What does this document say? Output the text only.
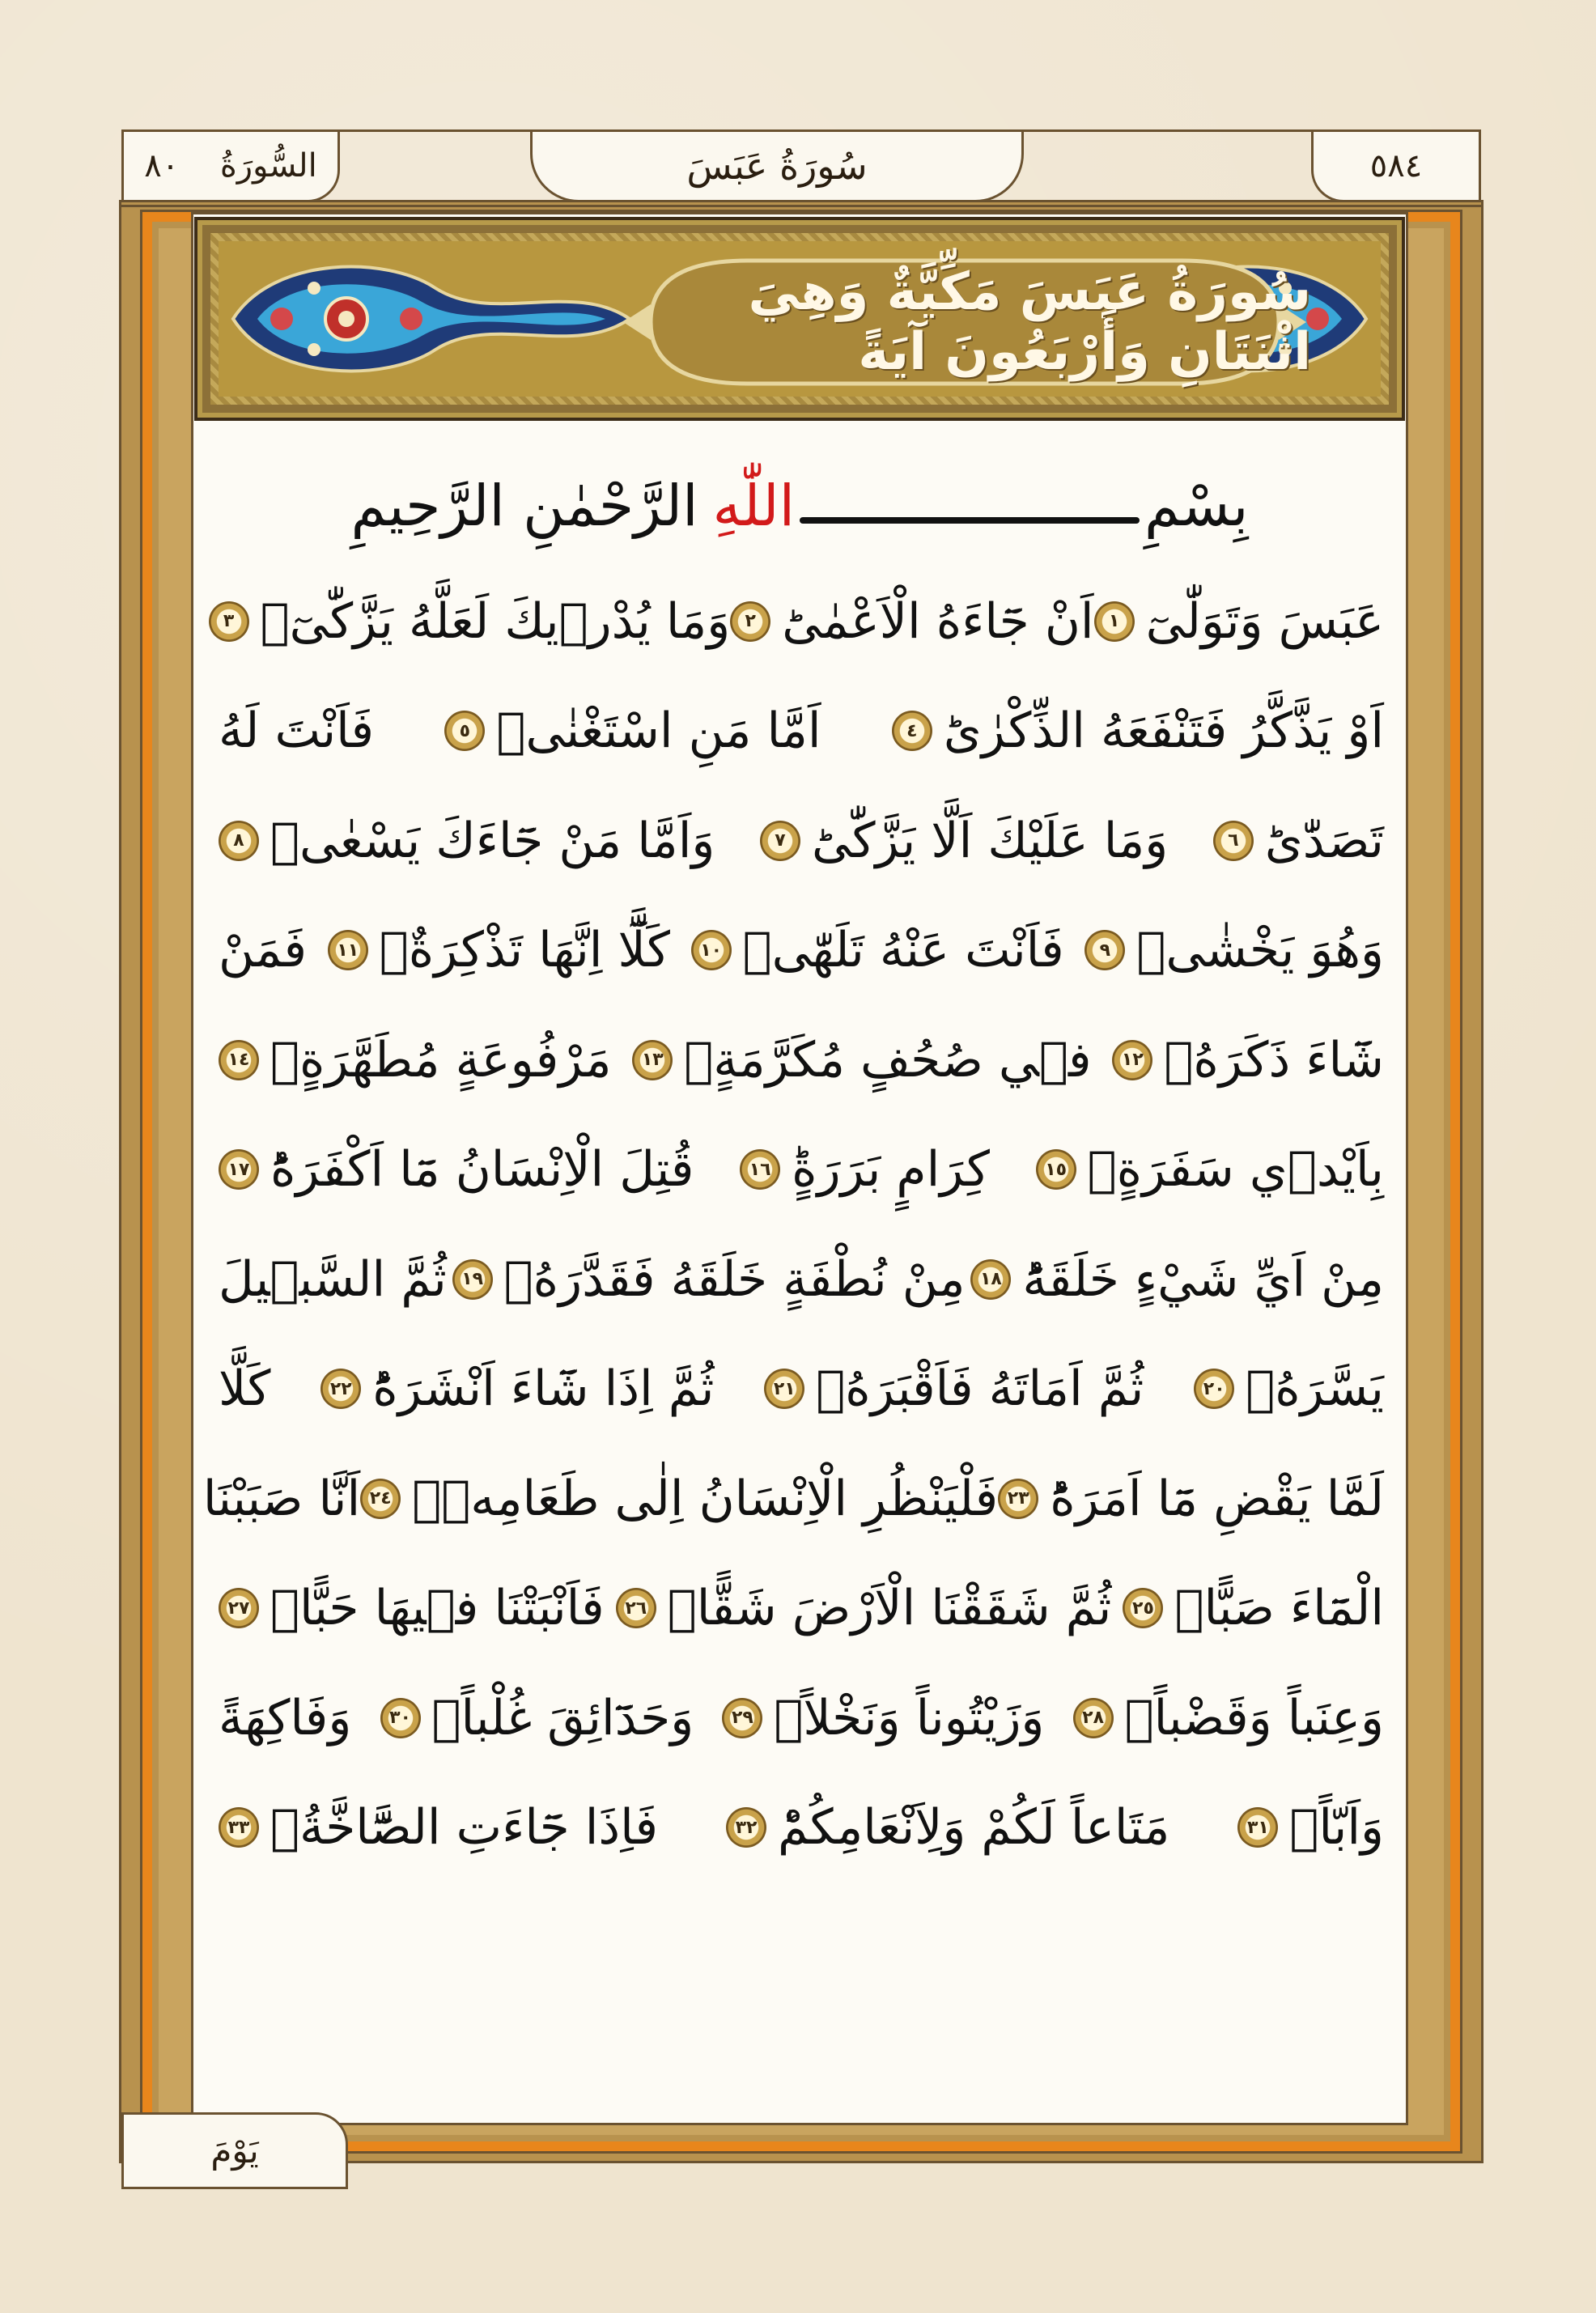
السُّورَةُ
٨٠	سُورَةُ عَبَسَ	٥٨٤
سُورَةُ عَبَسَ مَكِّيَّةٌ وَهِيَ اثْنَتَانِ وَأَرْبَعُونَ آيَةً
بِسْمِ
اللّٰهِ
الرَّحْمٰنِ الرَّحِيمِ
عَبَسَ وَتَوَلّٰىٓ
١
اَنْ جَٓاءَهُ الْاَعْمٰىؕ
٢
وَمَا يُدْر۪يكَ لَعَلَّهُ يَزَّكّٰىٓۙ
٣
اَوْ يَذَّكَّرُ فَتَنْفَعَهُ الذِّكْرٰىؕ
٤
اَمَّا مَنِ اسْتَغْنٰىۙ
٥
فَاَنْتَ لَهُ
تَصَدّٰىؕ
٦
وَمَا عَلَيْكَ اَلَّا يَزَّكّٰىؕ
٧
وَاَمَّا مَنْ جَٓاءَكَ يَسْعٰىۙ
٨
وَهُوَ يَخْشٰىۙ
٩
فَاَنْتَ عَنْهُ تَلَهّٰىۚ
١٠
كَلَّٓا اِنَّهَا تَذْكِرَةٌۚ
١١
فَمَنْ
شَٓاءَ ذَكَرَهُۢ
١٢
ف۪ي صُحُفٍ مُكَرَّمَةٍۙ
١٣
مَرْفُوعَةٍ مُطَهَّرَةٍۙ
١٤
بِاَيْد۪ي سَفَرَةٍۙ
١٥
كِرَامٍ بَرَرَةٍؕ
١٦
قُتِلَ الْاِنْسَانُ مَٓا اَكْفَرَهُؕ
١٧
مِنْ اَيِّ شَيْءٍ خَلَقَهُؕ
١٨
مِنْ نُطْفَةٍ خَلَقَهُ فَقَدَّرَهُۙ
١٩
ثُمَّ السَّب۪يلَ
يَسَّرَهُۙ
٢٠
ثُمَّ اَمَاتَهُ فَاَقْبَرَهُۙ
٢١
ثُمَّ اِذَا شَٓاءَ اَنْشَرَهُؕ
٢٢
كَلَّا
لَمَّا يَقْضِ مَٓا اَمَرَهُؕ
٢٣
فَلْيَنْظُرِ الْاِنْسَانُ اِلٰى طَعَامِه۪ۙ
٢٤
اَنَّا صَبَبْنَا
الْمَٓاءَ صَبًّاۙ
٢٥
ثُمَّ شَقَقْنَا الْاَرْضَ شَقًّاۙ
٢٦
فَاَنْبَتْنَا ف۪يهَا حَبًّاۙ
٢٧
وَعِنَباً وَقَضْباًۙ
٢٨
وَزَيْتُوناً وَنَخْلاًۙ
٢٩
وَحَدَٓائِقَ غُلْباًۙ
٣٠
وَفَاكِهَةً
وَاَبّاًۙ
٣١
مَتَاعاً لَكُمْ وَلِاَنْعَامِكُمْؕ
٣٢
فَاِذَا جَٓاءَتِ الصَّٓاخَّةُۘ
٣٣
يَوْمَ
